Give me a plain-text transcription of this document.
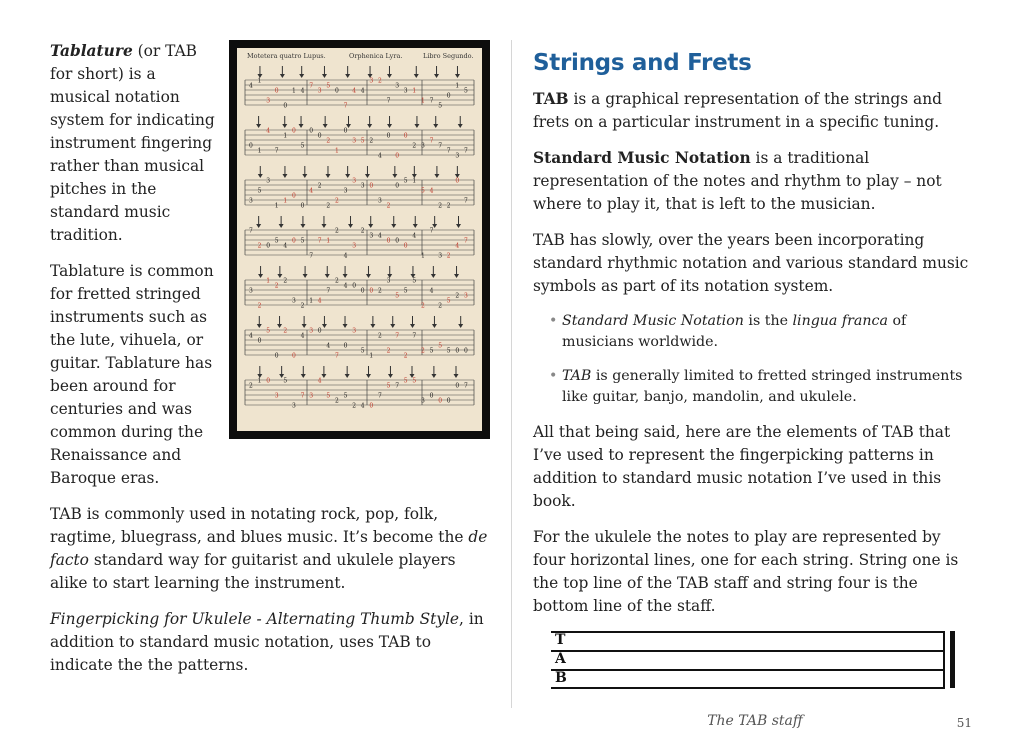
Motetera quatro Lupus.	Orphenica Lyra.	Libro Segundo.
4
1
3
0
0
1 4
7
3
5
0
7
4 4
3 2
7
3
3 1
1 7
5
0
1
5
0
1
4
7
1
0
5
0
0
2
1
0
3 5 2
4
0
0
0
2 3
7
7
7
3
7
3
5
3
1
1
0
0
4
2
2
2
3
3
3 0
3
2
0
5 1
5 4
2 2
0
7
7
2 0
5
4
0 5
7
7 1
2
4
3
2
3 4
0 0
0
4
1
7
3 2
4
7
3
2
1
2
2
3
2
1 4
7
2
4 0
0 0 2
3
5
5
5
2
4
2
5
2 3
4
0
5
0
2
0
4
3 0
4
7
0
3
5
1
2
2
7
2
7
2 5
5
5 0 0
2
1 0
3
5
3
7 3
4
5
2
5
2 4 0
7
5 7
5 5
3
0
0 0
0 7

Tablature (or TAB for short) is a musical notation system for indicating instrument fingering rather than musical pitches in the standard music tradition.

Tablature is common for fretted stringed instruments such as the lute, vihuela, or guitar. Tablature has been around for centuries and was common during the Renaissance and Baroque eras.

TAB is commonly used in notating rock, pop, folk, ragtime, bluegrass, and blues music. It’s become the de facto standard way for guitarist and ukulele players alike to start learning the instrument.

Fingerpicking for Ukulele - Alternating Thumb Style, in addition to standard music notation, uses TAB to indicate the the patterns.

Strings and Frets

TAB is a graphical representation of the strings and frets on a particular instrument in a specific tuning.

Standard Music Notation is a traditional representation of the notes and rhythm to play – not where to play it, that is left to the musician.

TAB has slowly, over the years been incorporating standard rhythmic notation and various standard music symbols as part of its notation system.

• Standard Music Notation is the lingua franca of musicians worldwide.
• TAB is generally limited to fretted stringed instruments like guitar, banjo, mandolin, and ukulele.

All that being said, here are the elements of TAB that I’ve used to represent the fingerpicking patterns in addition to standard music notation I’ve used in this book.

For the ukulele the notes to play are represented by four horizontal lines, one for each string. String one is the top line of the TAB staff and string four is the bottom line of the staff.

T
A
B
The TAB staff	51
